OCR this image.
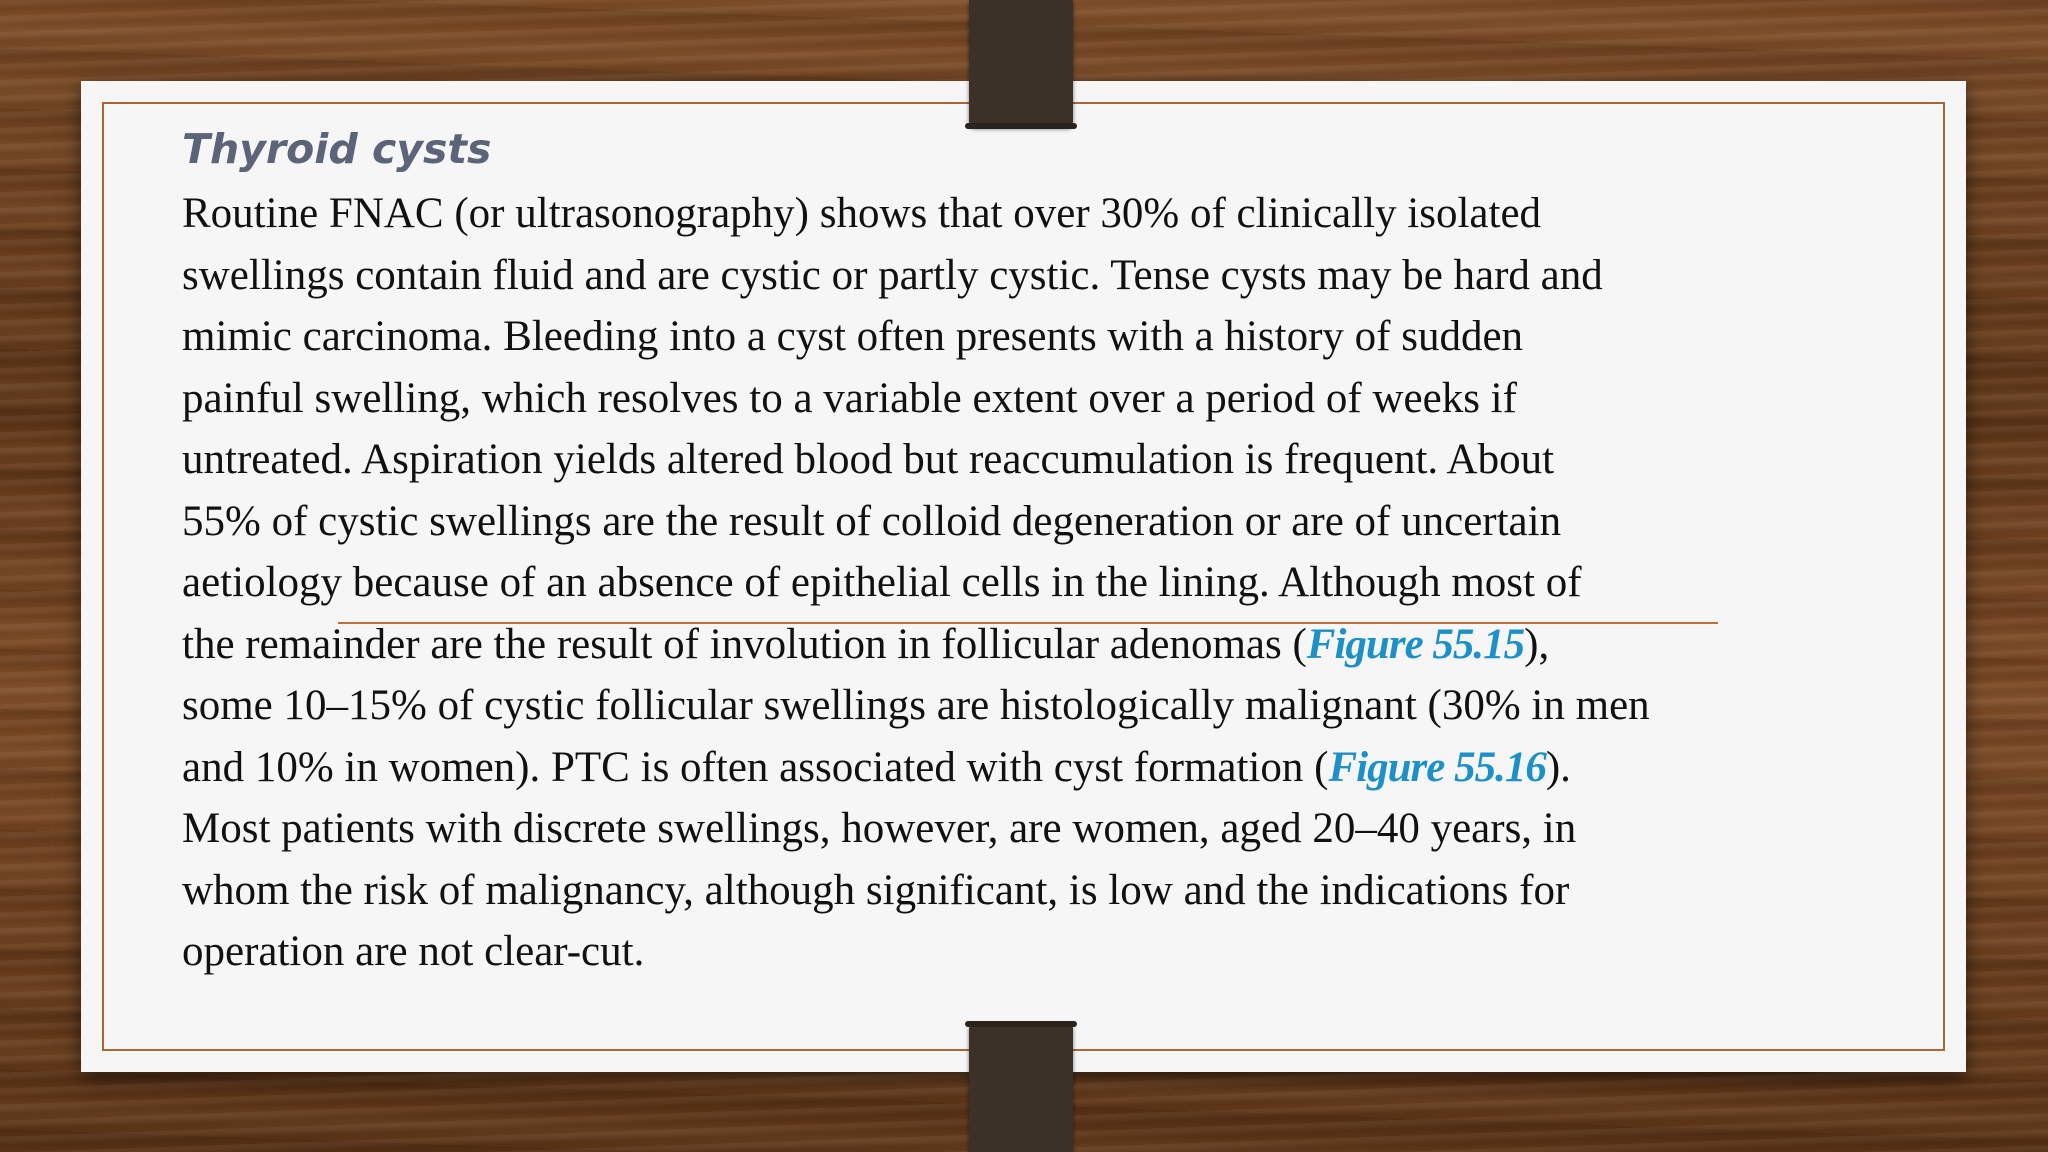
Thyroid cysts

Routine FNAC (or ultrasonography) shows that over 30% of clinically isolated
swellings contain fluid and are cystic or partly cystic. Tense cysts may be hard and
mimic carcinoma. Bleeding into a cyst often presents with a history of sudden
painful swelling, which resolves to a variable extent over a period of weeks if
untreated. Aspiration yields altered blood but reaccumulation is frequent. About
55% of cystic swellings are the result of colloid degeneration or are of uncertain
aetiology because of an absence of epithelial cells in the lining. Although most of
the remainder are the result of involution in follicular adenomas (Figure 55.15),
some 10–15% of cystic follicular swellings are histologically malignant (30% in men
and 10% in women). PTC is often associated with cyst formation (Figure 55.16).
Most patients with discrete swellings, however, are women, aged 20–40 years, in
whom the risk of malignancy, although significant, is low and the indications for
operation are not clear-cut.
